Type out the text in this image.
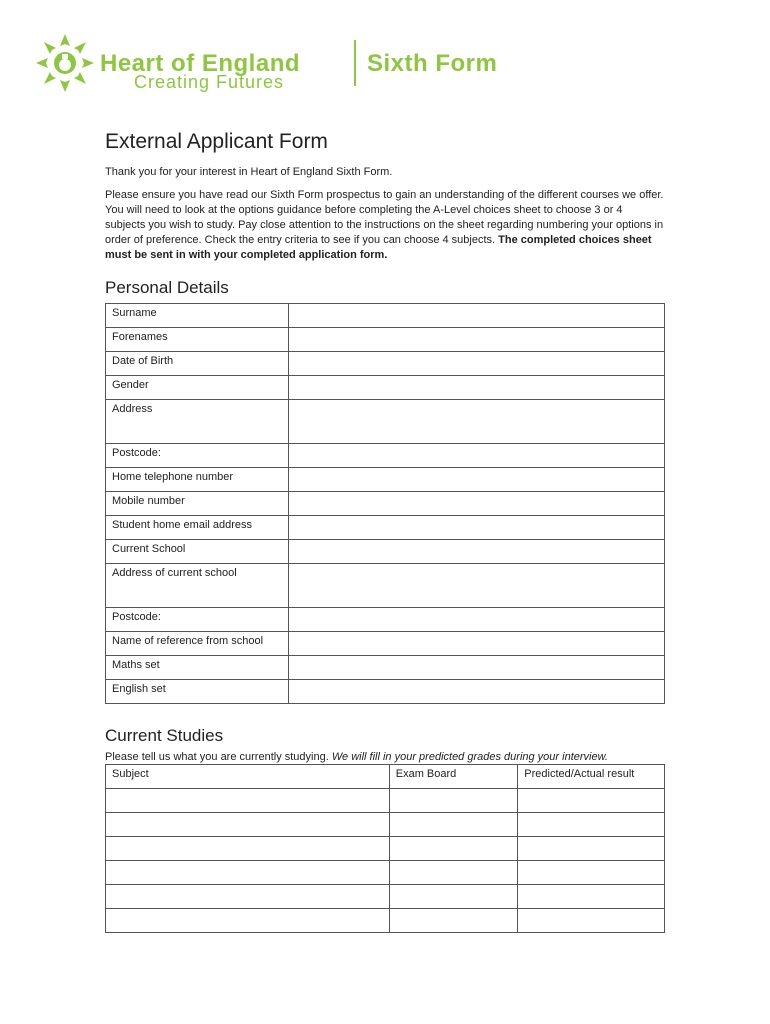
Heart of England	Sixth Form
Creating Futures
External Applicant Form

Thank you for your interest in Heart of England Sixth Form.

Please ensure you have read our Sixth Form prospectus to gain an understanding of the different courses we offer. You will need to look at the options guidance before completing the A-Level choices sheet to choose 3 or 4 subjects you wish to study. Pay close attention to the instructions on the sheet regarding numbering your options in order of preference. Check the entry criteria to see if you can choose 4 subjects. The completed choices sheet must be sent in with your completed application form.

Personal Details
Surname	
Forenames	
Date of Birth	
Gender	
Address	
Postcode:	
Home telephone number	
Mobile number	
Student home email address	
Current School	
Address of current school	
Postcode:	
Name of reference from school	
Maths set	
English set	
Current Studies

Please tell us what you are currently studying. We will fill in your predicted grades during your interview.

Subject	Exam Board	Predicted/Actual result
